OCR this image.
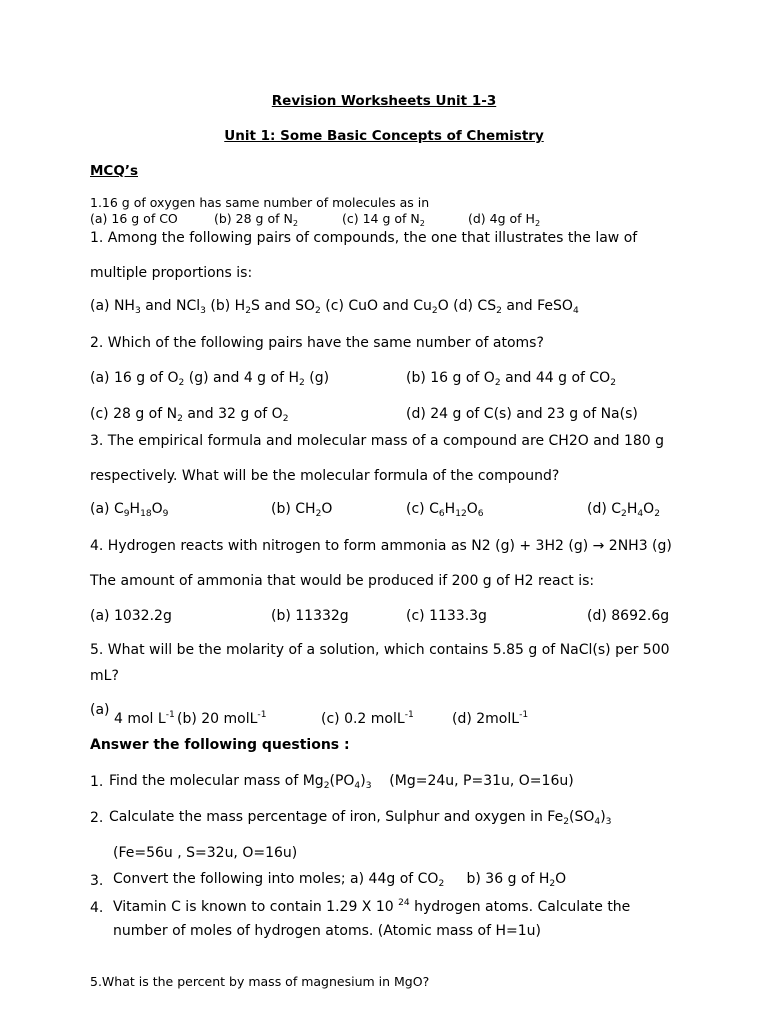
Revision Worksheets Unit 1-3
Unit 1: Some Basic Concepts of Chemistry
MCQ’s
1.16 g of oxygen has same number of molecules as in
(a) 16 g of CO	(b) 28 g of $N_2$	(c) 14 g of $N_2$	(d) 4g of $H_2$
1. Among the following pairs of compounds, the one that illustrates the law of
multiple proportions is:
(a) $NH_3$ and NCl$_3$ (b) $H_2S$ and $SO_2$ (c) CuO and $Cu_2O$ (d) $CS_2$ and FeSO$_4$
2. Which of the following pairs have the same number of atoms?
(a) 16 g of $O_2$ (g) and 4 g of $H_2$ (g)	(b) 16 g of $O_2$ and 44 g of $CO_2$
(c) 28 g of $N_2$ and 32 g of $O_2$	(d) 24 g of C(s) and 23 g of Na(s)
3. The empirical formula and molecular mass of a compound are CH2O and 180 g
respectively. What will be the molecular formula of the compound?
(a) $C_9H_{18}O_9$	(b) $CH_2O$	(c) $C_6H_{12}O_6$	(d) $C_2H_4O_2$
4. Hydrogen reacts with nitrogen to form ammonia as N2 (g) + 3H2 (g) → 2NH3 (g)
The amount of ammonia that would be produced if 200 g of H2 react is:
(a) 1032.2g	(b) 11332g	(c) 1133.3g	(d) 8692.6g
5. What will be the molarity of a solution, which contains 5.85 g of NaCl(s) per 500
mL?
(a)
4 mol $L^{-1}$ (b) 20 molL$^{-1}$	(c) 0.2 molL$^{-1}$	(d) 2molL$^{-1}$
Answer the following questions :
1. Find the molecular mass of $Mg_2(PO_4)_3$    (Mg=24u, P=31u, O=16u)
2. Calculate the mass percentage of iron, Sulphur and oxygen in $Fe_2(SO_4)_3$
(Fe=56u , S=32u, O=16u)
3. Convert the following into moles; a) 44g of $CO_2$     b) 36 g of $H_2O$
4. Vitamin C is known to contain 1.29 X 10 $^{24}$ hydrogen atoms. Calculate the
number of moles of hydrogen atoms. (Atomic mass of H=1u)
5.What is the percent by mass of magnesium in MgO?
